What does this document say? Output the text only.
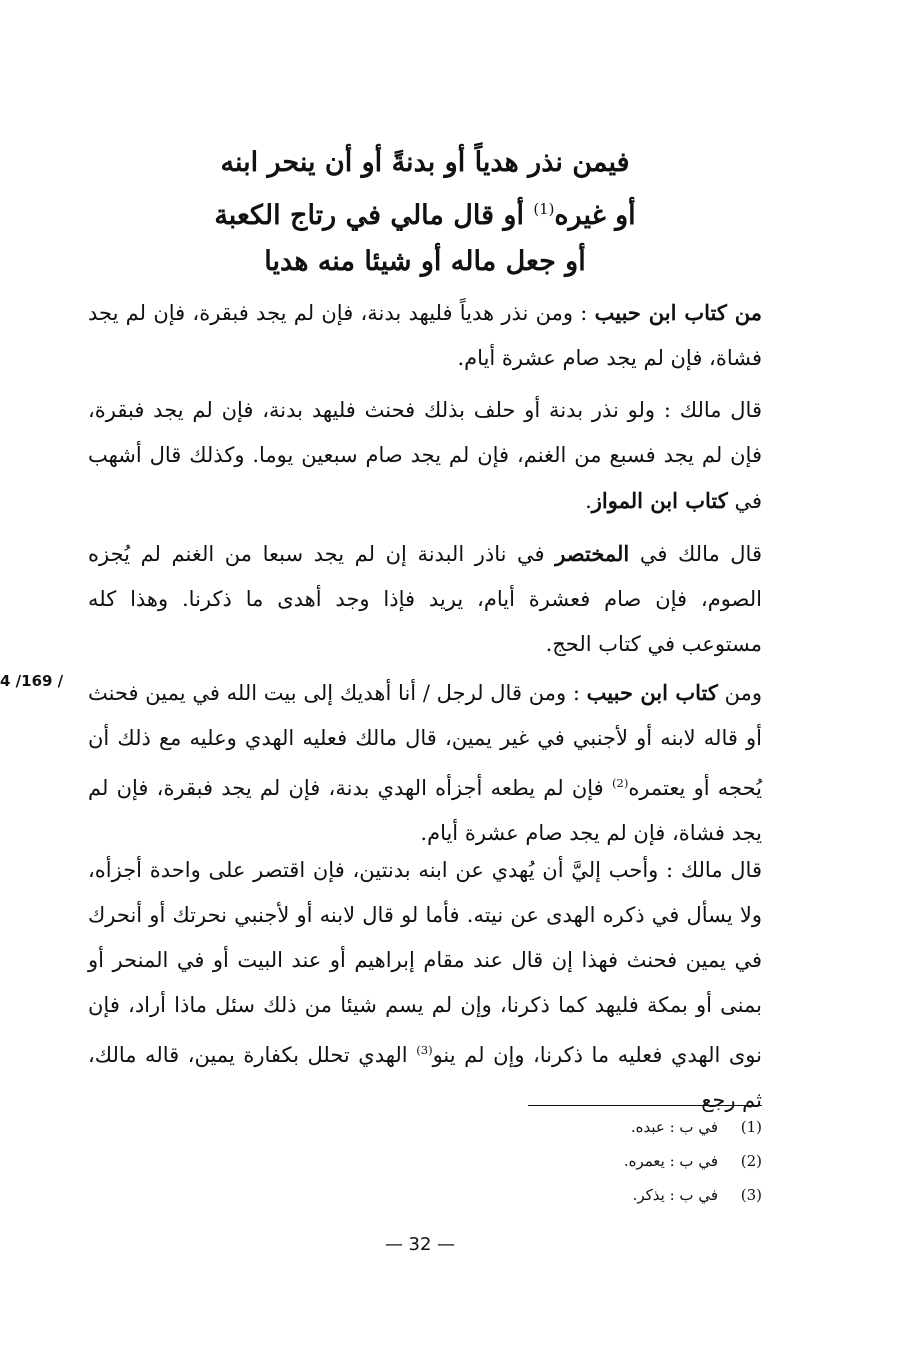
فيمن نذر هدياً أو بدنةً أو أن ينحر ابنه
أو غيره$^{(1)}$ أو قال مالي في رتاج الكعبة
أو جعل ماله أو شيئا منه هديا
من كتاب ابن حبيب : ومن نذر هدياً فليهد بدنة، فإن لم يجد فبقرة، فإن لم يجد فشاة، فإن لم يجد صام عشرة أيام.
قال مالك : ولو نذر بدنة أو حلف بذلك فحنث فليهد بدنة، فإن لم يجد فبقرة، فإن لم يجد فسبع من الغنم، فإن لم يجد صام سبعين يوما. وكذلك قال أشهب في كتاب ابن المواز.
قال مالك في المختصر في ناذر البدنة إن لم يجد سبعا من الغنم لم يُجزه الصوم، فإن صام فعشرة أيام، يريد فإذا وجد أهدى ما ذكرنا. وهذا كله مستوعب في كتاب الحج.
ومن كتاب ابن حبيب : ومن قال لرجل / أنا أهديك إلى بيت الله في يمين فحنث أو قاله لابنه أو لأجنبي في غير يمين، قال مالك فعليه الهدي وعليه مع ذلك أن يُحجه أو يعتمره$^{(2)}$ فإن لم يطعه أجزأه الهدي بدنة، فإن لم يجد فبقرة، فإن لم يجد فشاة، فإن لم يجد صام عشرة أيام.
4 /169 /
قال مالك : وأحب إليَّ أن يُهدي عن ابنه بدنتين، فإن اقتصر على واحدة أجزأه، ولا يسأل في ذكره الهدى عن نيته. فأما لو قال لابنه أو لأجنبي نحرتك أو أنحرك في يمين فحنث فهذا إن قال عند مقام إبراهيم أو عند البيت أو في المنحر أو بمنى أو بمكة فليهد كما ذكرنا، وإن لم يسم شيئا من ذلك سئل ماذا أراد، فإن نوى الهدي فعليه ما ذكرنا، وإن لم ينو$^{(3)}$ الهدي تحلل بكفارة يمين، قاله مالك، ثم رجع
(1)
في ب : عبده.
(2)
في ب : يعمره.
(3)
في ب : يذكر.
— 32 —
